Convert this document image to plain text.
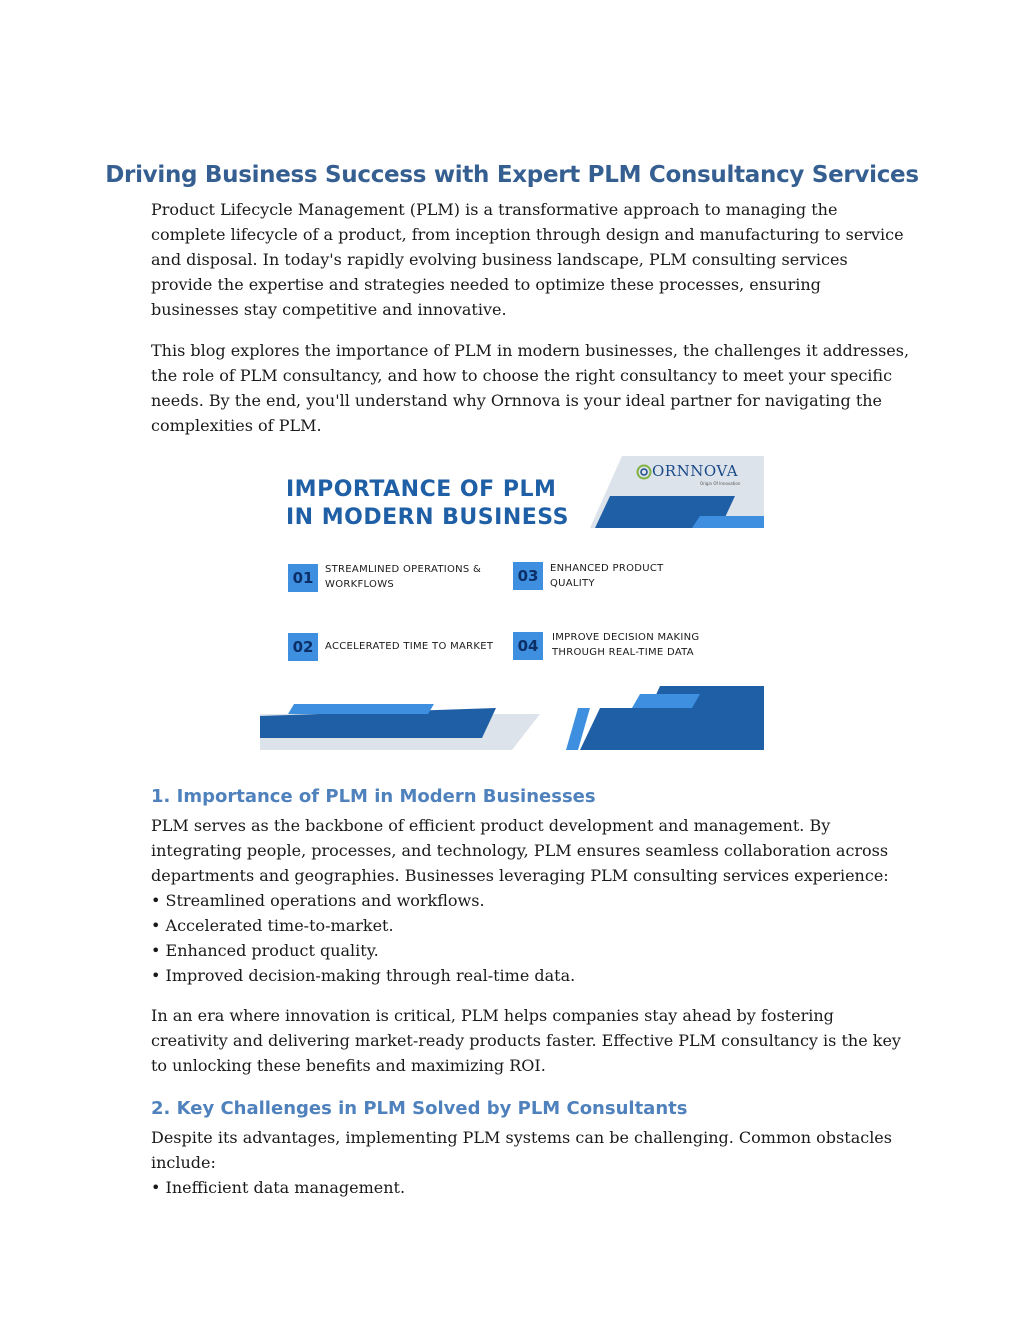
Driving Business Success with Expert PLM Consultancy Services

Product Lifecycle Management (PLM) is a transformative approach to managing the
complete lifecycle of a product, from inception through design and manufacturing to service
and disposal. In today's rapidly evolving business landscape, PLM consulting services
provide the expertise and strategies needed to optimize these processes, ensuring
businesses stay competitive and innovative.

This blog explores the importance of PLM in modern businesses, the challenges it addresses,
the role of PLM consultancy, and how to choose the right consultancy to meet your specific
needs. By the end, you'll understand why Ornnova is your ideal partner for navigating the
complexities of PLM.

IMPORTANCE OF PLM
IN MODERN BUSINESS
ORNNOVA
Origin Of Innovation
01	STREAMLINED OPERATIONS &
WORKFLOWS	03	ENHANCED PRODUCT
QUALITY
02	ACCELERATED TIME TO MARKET	04	IMPROVE DECISION MAKING
THROUGH REAL-TIME DATA
1. Importance of PLM in Modern Businesses

PLM serves as the backbone of efficient product development and management. By
integrating people, processes, and technology, PLM ensures seamless collaboration across
departments and geographies. Businesses leveraging PLM consulting services experience:
• Streamlined operations and workflows.
• Accelerated time-to-market.
• Enhanced product quality.
• Improved decision-making through real-time data.

In an era where innovation is critical, PLM helps companies stay ahead by fostering
creativity and delivering market-ready products faster. Effective PLM consultancy is the key
to unlocking these benefits and maximizing ROI.

2. Key Challenges in PLM Solved by PLM Consultants

Despite its advantages, implementing PLM systems can be challenging. Common obstacles
include:
• Inefficient data management.
